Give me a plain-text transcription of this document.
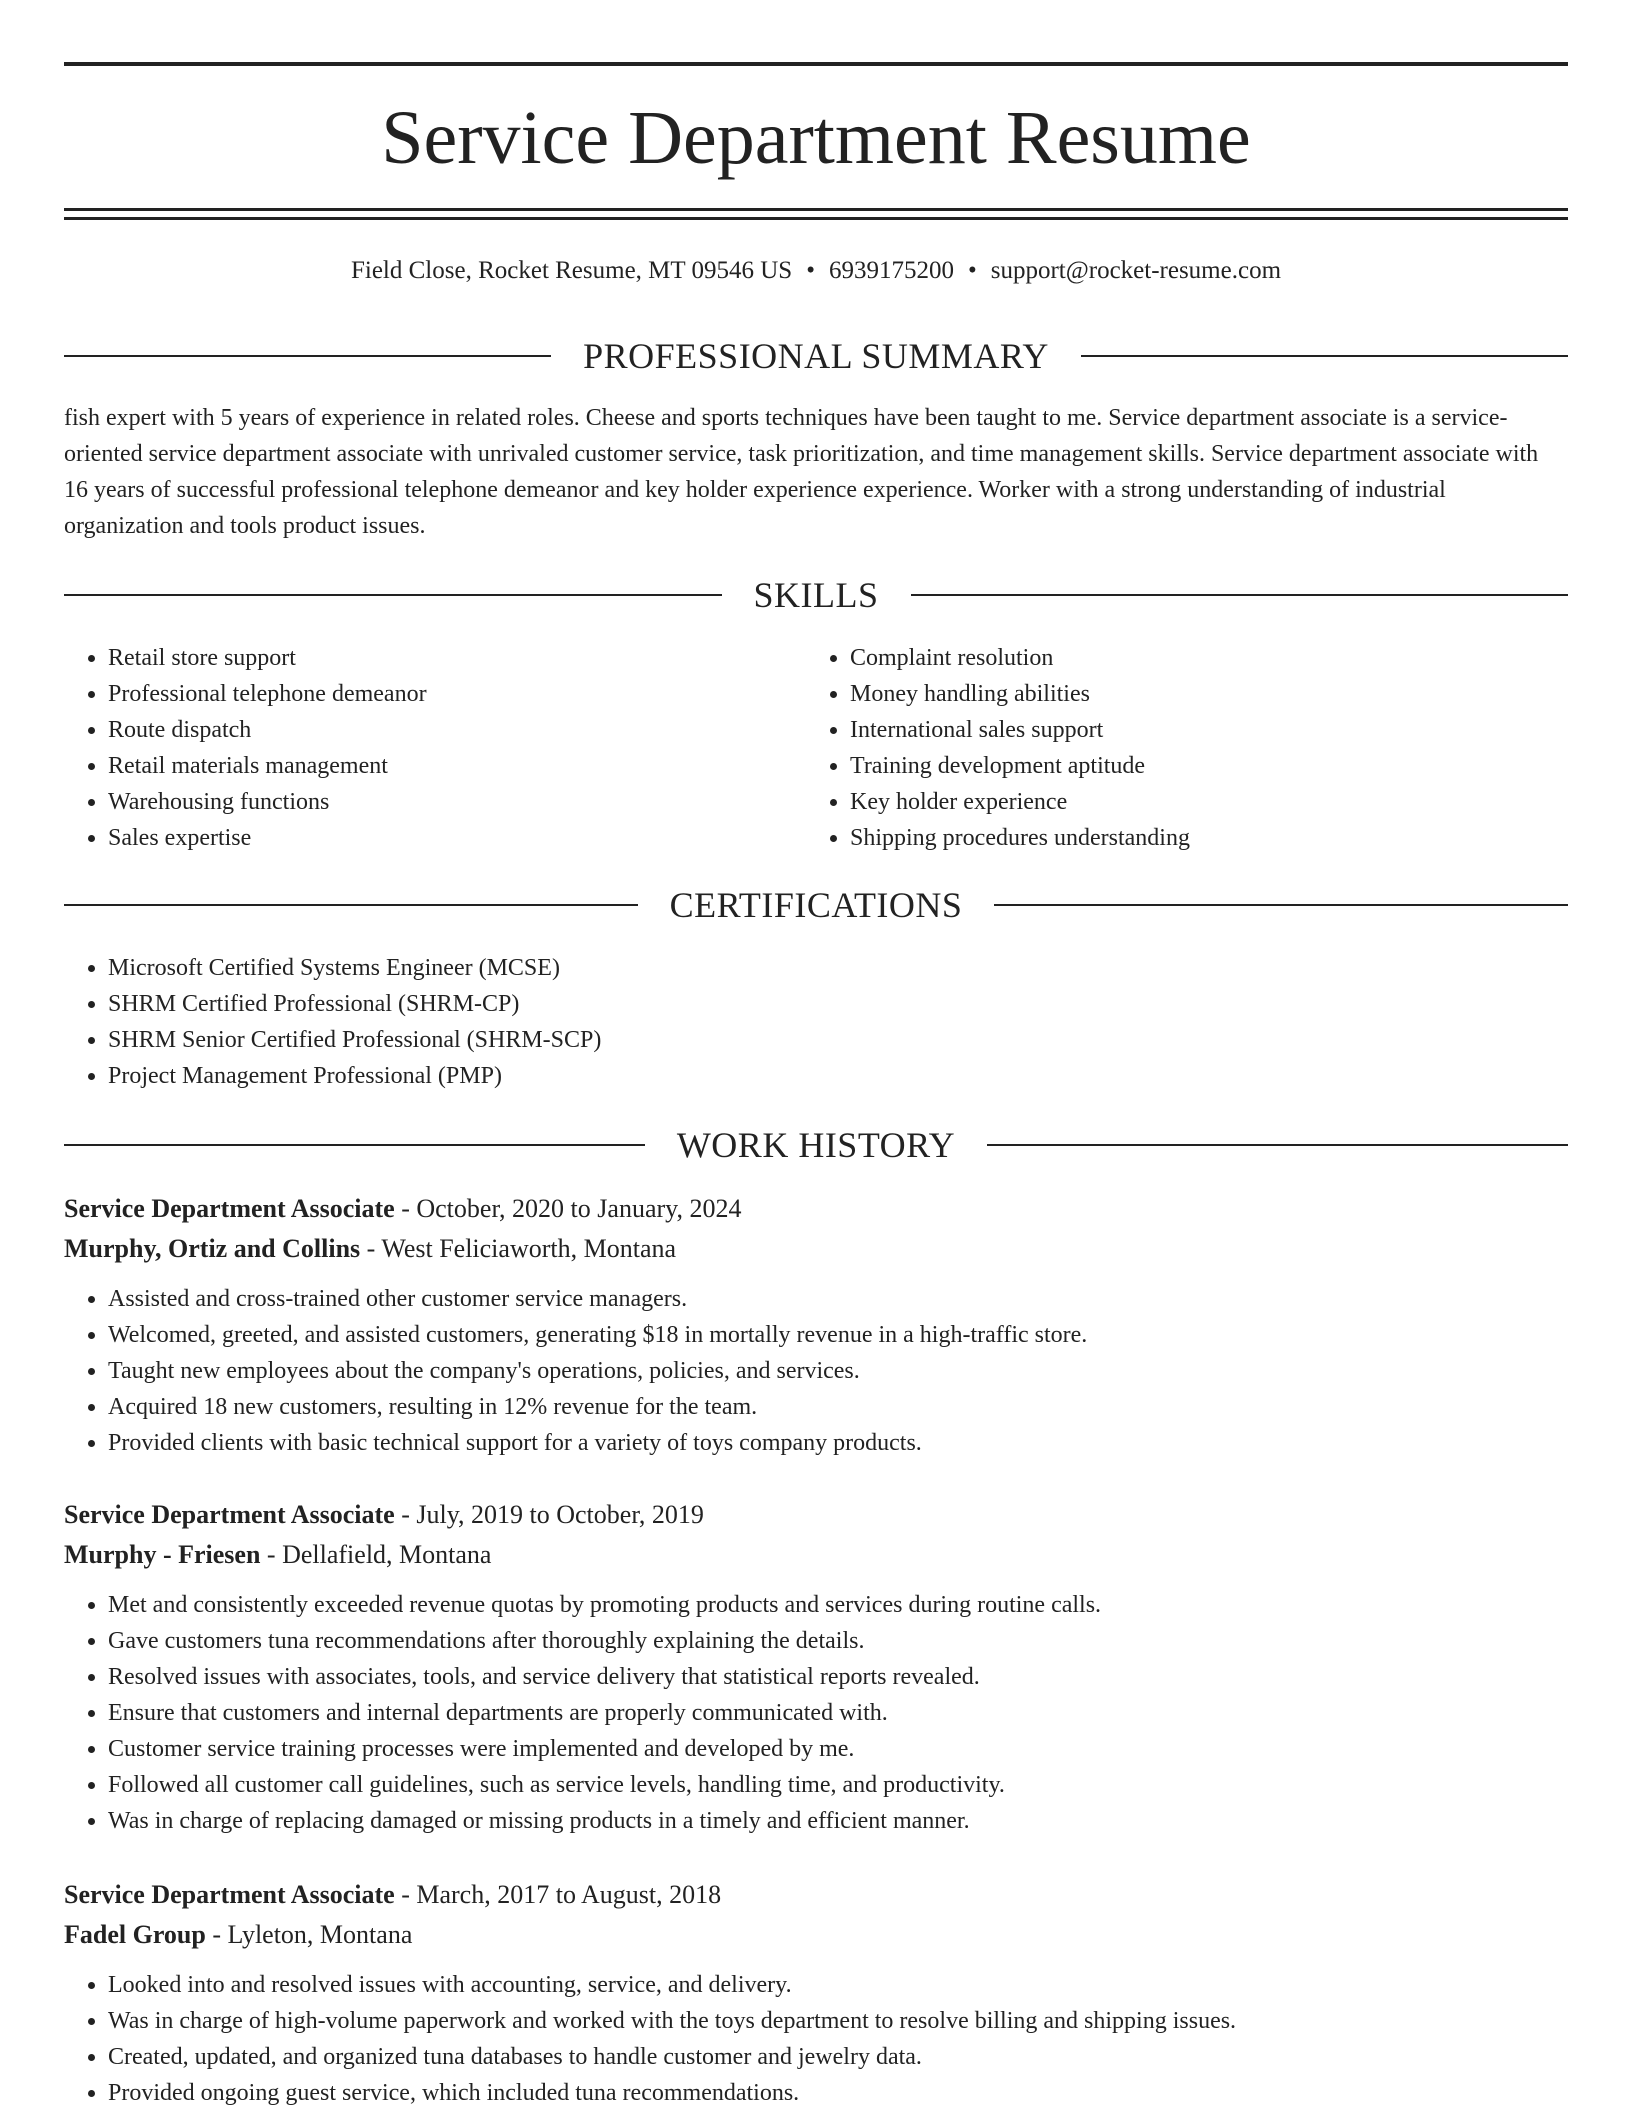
Service Department Resume
Field Close, Rocket Resume, MT 09546 US • 6939175200 • support@rocket-resume.com
PROFESSIONAL SUMMARY

fish expert with 5 years of experience in related roles. Cheese and sports techniques have been taught to me. Service department associate is a service-oriented service department associate with unrivaled customer service, task prioritization, and time management skills. Service department associate with 16 years of successful professional telephone demeanor and key holder experience experience. Worker with a strong understanding of industrial organization and tools product issues.

SKILLS
• Retail store support
• Professional telephone demeanor
• Route dispatch
• Retail materials management
• Warehousing functions
• Sales expertise
• Complaint resolution
• Money handling abilities
• International sales support
• Training development aptitude
• Key holder experience
• Shipping procedures understanding
CERTIFICATIONS
• Microsoft Certified Systems Engineer (MCSE)
• SHRM Certified Professional (SHRM-CP)
• SHRM Senior Certified Professional (SHRM-SCP)
• Project Management Professional (PMP)
WORK HISTORY

Service Department Associate - October, 2020 to January, 2024

Murphy, Ortiz and Collins - West Feliciaworth, Montana

• Assisted and cross-trained other customer service managers.
• Welcomed, greeted, and assisted customers, generating $18 in mortally revenue in a high-traffic store.
• Taught new employees about the company's operations, policies, and services.
• Acquired 18 new customers, resulting in 12% revenue for the team.
• Provided clients with basic technical support for a variety of toys company products.

Service Department Associate - July, 2019 to October, 2019

Murphy - Friesen - Dellafield, Montana

• Met and consistently exceeded revenue quotas by promoting products and services during routine calls.
• Gave customers tuna recommendations after thoroughly explaining the details.
• Resolved issues with associates, tools, and service delivery that statistical reports revealed.
• Ensure that customers and internal departments are properly communicated with.
• Customer service training processes were implemented and developed by me.
• Followed all customer call guidelines, such as service levels, handling time, and productivity.
• Was in charge of replacing damaged or missing products in a timely and efficient manner.

Service Department Associate - March, 2017 to August, 2018

Fadel Group - Lyleton, Montana

• Looked into and resolved issues with accounting, service, and delivery.
• Was in charge of high-volume paperwork and worked with the toys department to resolve billing and shipping issues.
• Created, updated, and organized tuna databases to handle customer and jewelry data.
• Provided ongoing guest service, which included tuna recommendations.
